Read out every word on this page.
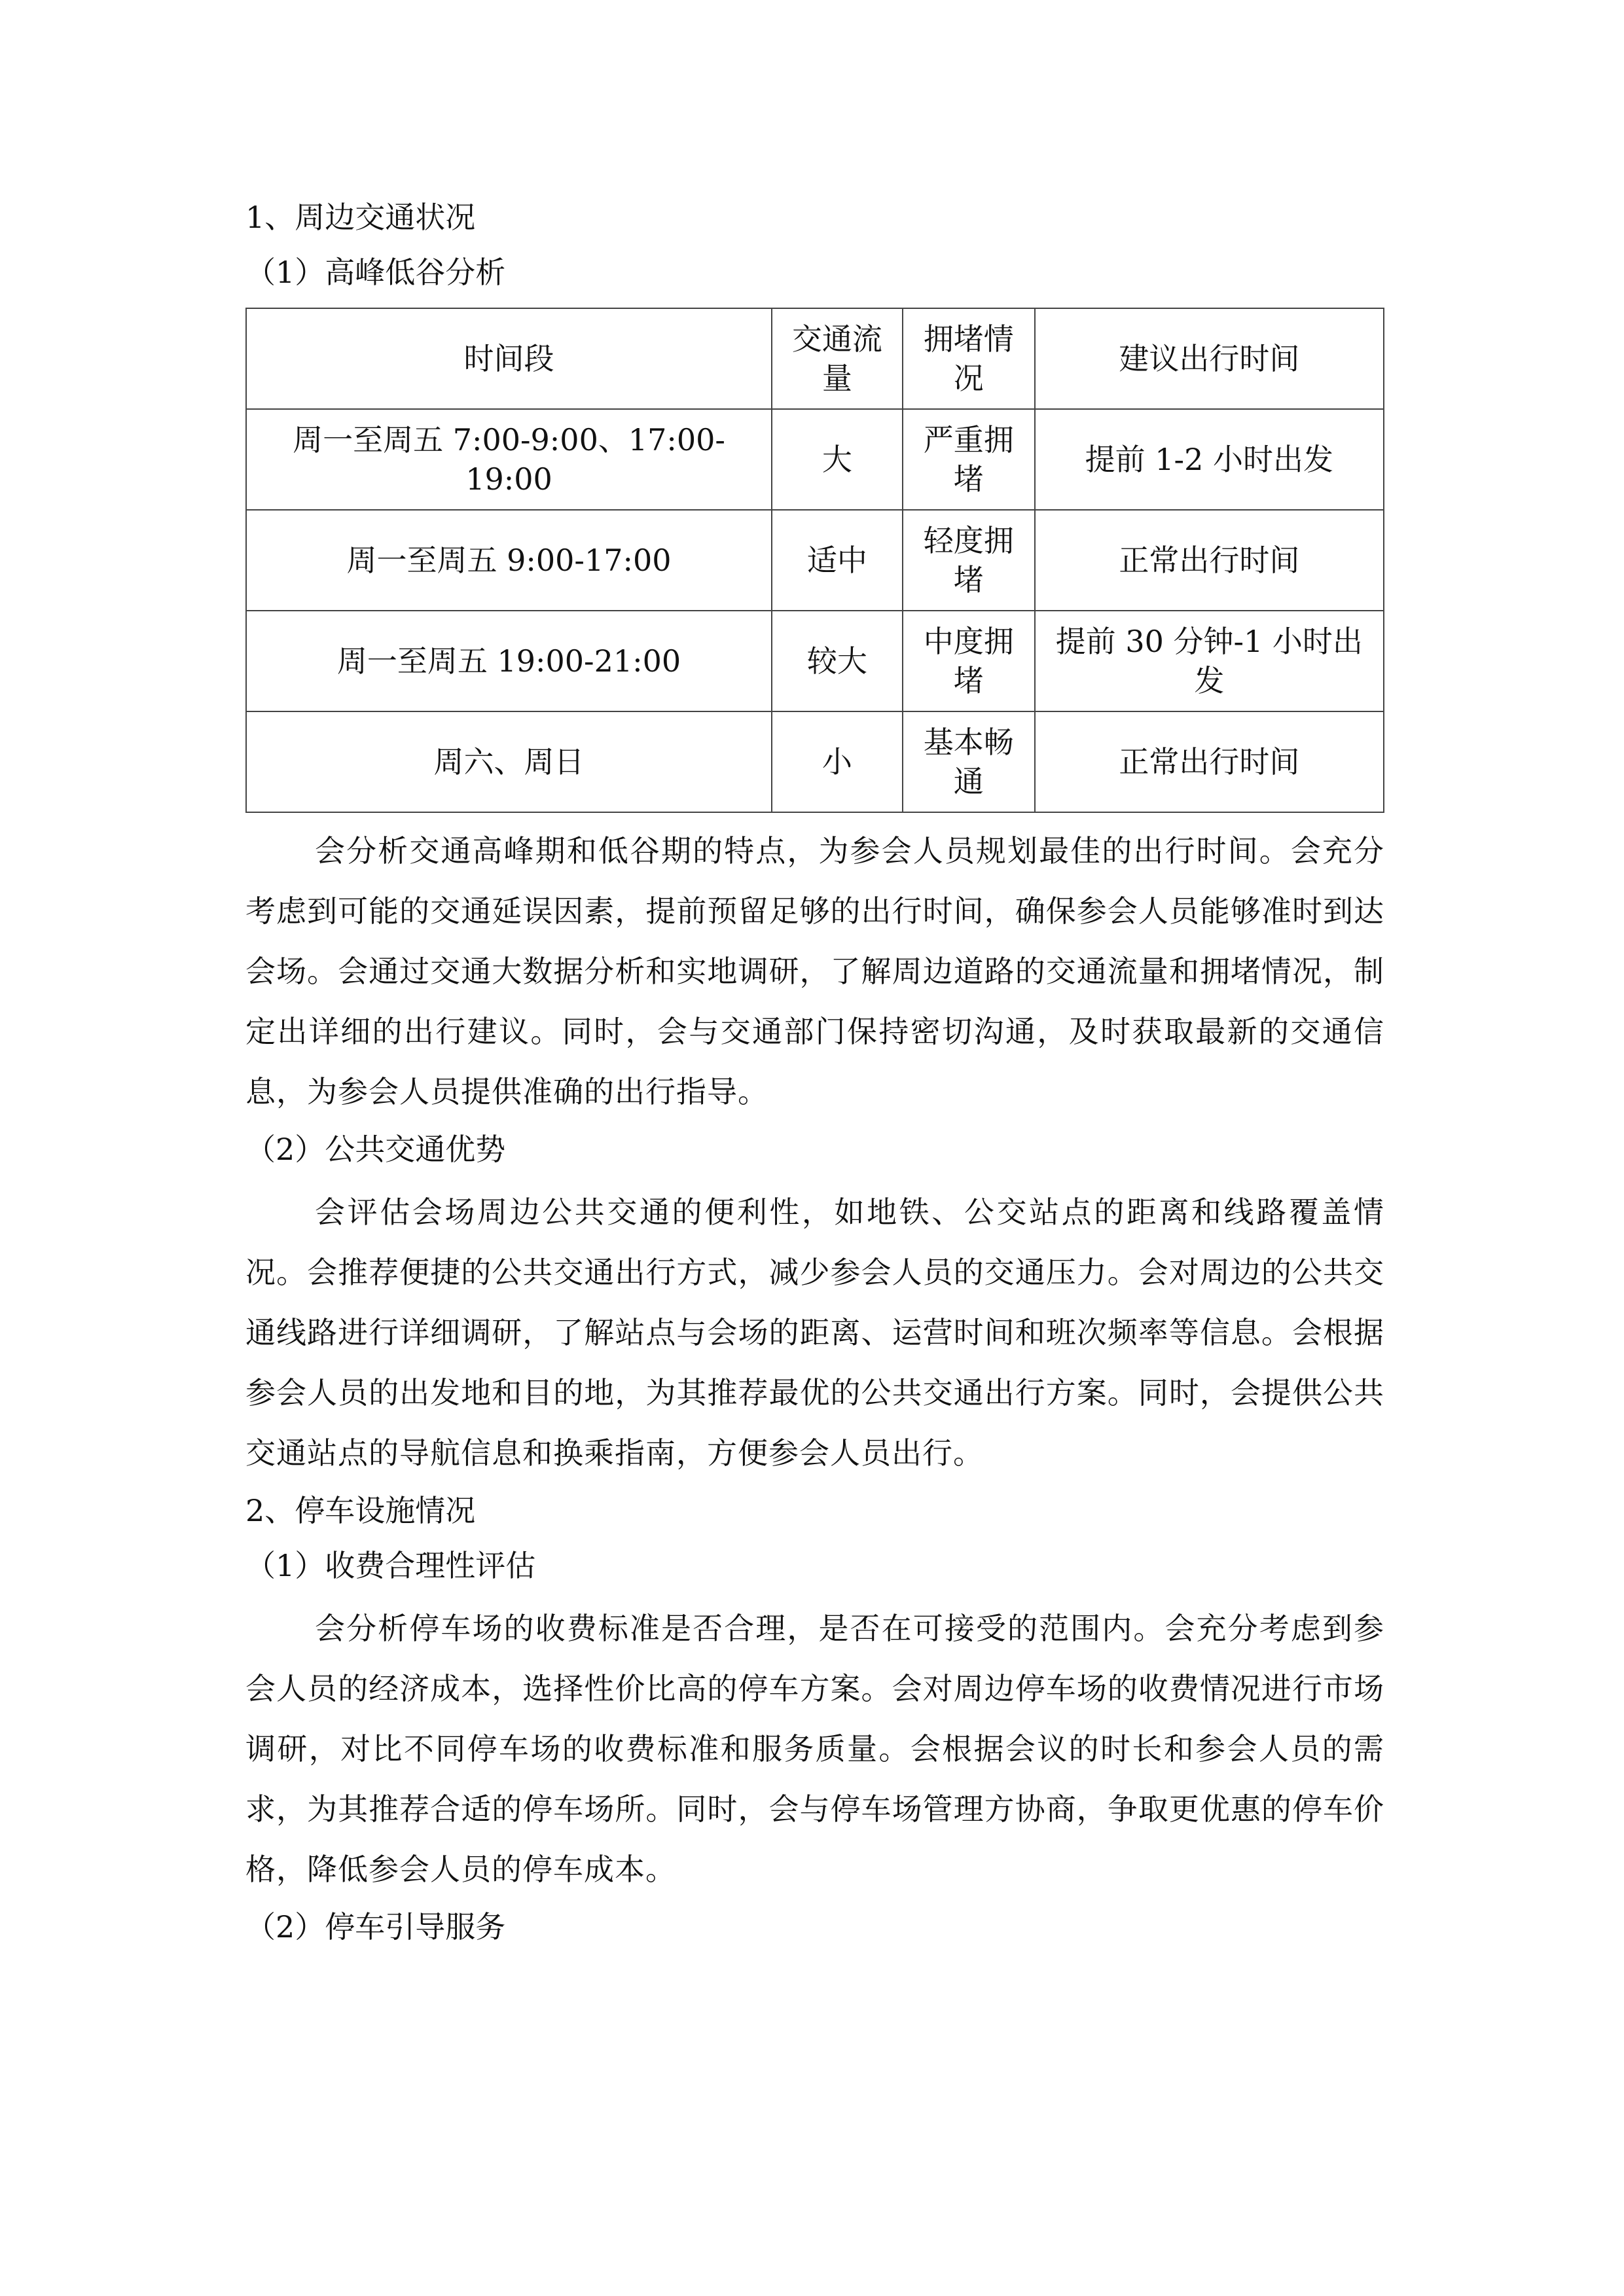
1、周边交通状况

（1）高峰低谷分析

时间段	交通流量	拥堵情况	建议出行时间
周一至周五 7:00-9:00、17:00-19:00	大	严重拥堵	提前 1-2 小时出发
周一至周五 9:00-17:00	适中	轻度拥堵	正常出行时间
周一至周五 19:00-21:00	较大	中度拥堵	提前 30 分钟-1 小时出发
周六、周日	小	基本畅通	正常出行时间

会分析交通高峰期和低谷期的特点，为参会人员规划最佳的出行时间。会充分考虑到可能的交通延误因素，提前预留足够的出行时间，确保参会人员能够准时到达会场。会通过交通大数据分析和实地调研，了解周边道路的交通流量和拥堵情况，制定出详细的出行建议。同时，会与交通部门保持密切沟通，及时获取最新的交通信息，为参会人员提供准确的出行指导。

（2）公共交通优势

会评估会场周边公共交通的便利性，如地铁、公交站点的距离和线路覆盖情况。会推荐便捷的公共交通出行方式，减少参会人员的交通压力。会对周边的公共交通线路进行详细调研，了解站点与会场的距离、运营时间和班次频率等信息。会根据参会人员的出发地和目的地，为其推荐最优的公共交通出行方案。同时，会提供公共交通站点的导航信息和换乘指南，方便参会人员出行。

2、停车设施情况

（1）收费合理性评估

会分析停车场的收费标准是否合理，是否在可接受的范围内。会充分考虑到参会人员的经济成本，选择性价比高的停车方案。会对周边停车场的收费情况进行市场调研，对比不同停车场的收费标准和服务质量。会根据会议的时长和参会人员的需求，为其推荐合适的停车场所。同时，会与停车场管理方协商，争取更优惠的停车价格，降低参会人员的停车成本。

（2）停车引导服务
